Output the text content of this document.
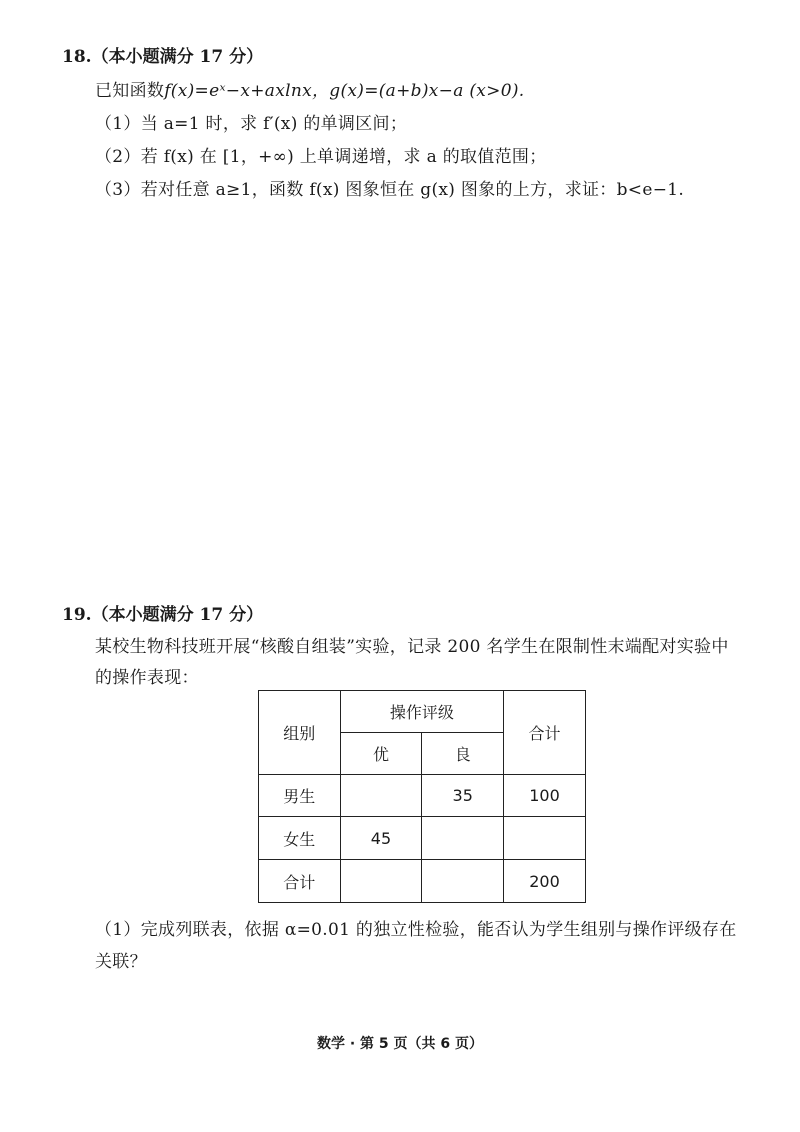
18.（本小题满分 17 分）
已知函数f(x)=eˣ−x+axlnx，g(x)=(a+b)x−a (x>0).
（1）当 a=1 时，求 f′(x) 的单调区间；
（2）若 f(x) 在 [1，+∞) 上单调递增，求 a 的取值范围；
（3）若对任意 a≥1，函数 f(x) 图象恒在 g(x) 图象的上方，求证：b<e−1.
19.（本小题满分 17 分）
某校生物科技班开展“核酸自组装”实验，记录 200 名学生在限制性末端配对实验中
的操作表现：
组别	操作评级		合计
	优	良	
男生		35	100
女生	45		
合计			200
（1）完成列联表，依据 α=0.01 的独立性检验，能否认为学生组别与操作评级存在
关联？
数学 · 第 5 页（共 6 页）
